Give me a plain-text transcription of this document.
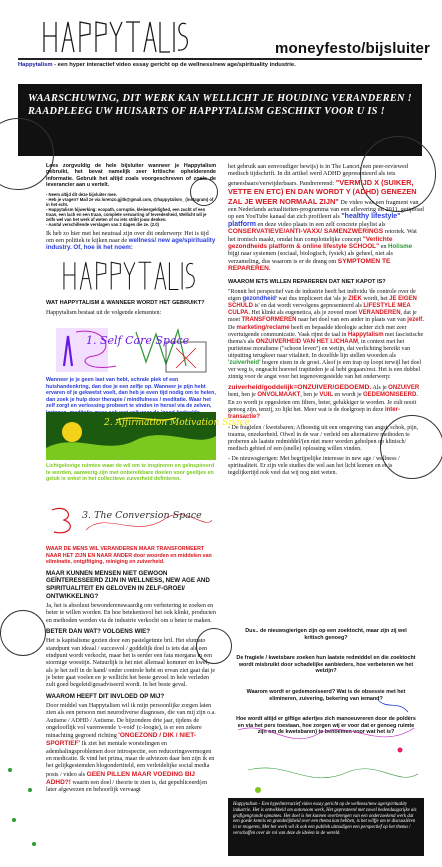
moneyfesto/bijsluiter
Happytalism - een hyper interactief video essay gericht op de wellness/new age/spirituality industrie.

WAARSCHUWING, DIT WERK KAN WELLICHT JE HOUDING VERANDEREN ! RAADPLEEG UW HUISARTS OF HAPPYTALISM GESCHIKT VOOR U IS !

Lees zorgvuldig de hele bijsluiter wanneer je Happytalism gebruikt, het bevat namelijk zeer kritische ophelderende informatie. Gebruik het altijd zoals voorgeschreven of zoals de leverancier aan u vertelt.

- Neem altijd dit deze bijsluiter mee.
- Heb je vragen? Mail ze via lorenzo.gjitk@gmail.com, @happytalism_ (instagram) of in het echt.
- Happytalism bijwerking: ecopath, corruptie, kleinergeldighed, een zucht of een traan, een lach en een traan, complete verwarring of tevredenheid, Wellicht wil je zelfs wel van het werk af weten of nu iets strikt jouw denken.
- Aantal verschillende verslagen van 2 dagen die ze. (2.0)

Ik heb zo hier met het neutraal zijn over dit onderwerp: Het is tijd om een politiek te kijken naar de wellness/ new age/spirituality industry. Of, hoe ik het noem:

WAT HAPPYTALISM & WANNEER WORDT HET GEBRUIKT?

Happytalism bestaat uit de volgende elementen:

1. Self Care Space

Wanneer je je geen last van hebt, schrale plek of een huishandenkring, dan doe je een zelfje op. Wanneer je pijn hebt ervaren of je gekwetst voelt, dan heb je even tijd nodig om te helen, dan zoek je hulp door therapie / mindfulness / meditatie. Waar het zelf zorgt en verlossing probeert te vinden in hersel via de zelven,

2. Affirmation Motivation Space

Lichtgelovige ruimtes waar de wil om te inspireren en geïnspireerd te worden, aanwezig zijn met onbereikbare doelen voor geeltjes en geluk is enkel in het collectieve zuiverheid definieren.

3. The Conversion Space

WAAR DE MENS WIL VERANDEREN MAAR TRANSFORMEERT NAAR HET ZIJN EN NAAR ANDER door woorden en middelen van eliminatie, ontgiftiging, reiniging en zuiverheid.

MAAR KUNNEN MENSEN NIET GEWOON GEÏNTERESSEERD ZIJN IN WELLNESS, NEW AGE AND SPIRITUALITEIT EN GELOVEN IN ZELF-GROEI/ ONTWIKKELING?

Ja, het is absoluut bewonderenswaardig om verbetering te zoeken en beter te willen worden. En hoe betekenisvol het ook klinkt, producten en methoden worden via de industrie verkocht om u beter te maken.

BETER DAN WAT? VOLGENS WIE?

Het is kapitalisme gezien door een pastelgetinte bril. Het sfumato standpunt van ideaal / succesvol / goddelijk doel is iets dat als een eindpunt wordt verkocht, maar het is eerder een fata morgana in een stormige woestijn. Natuurlijk is het niet allemaal kommer en kwel, als je het zelf in de hand/ onder controle hebt en ervan ziet gaat dat je je beter gaat voelen en je wellicht het beste gevoel in hele verleden zult goed begeleid/gesadviseerd wordt. In het beste geval.

WAAROM HEEFT DIT INVLOED OP MIJ?

Door middel van Happytalism wil ik mijn persoonlijke zorgen laten zien als een persoon met neurodiverse diagnoses, die van mij zijn o.a. Autisme / ADHD / Autisme. De bijzondere drie jaar, tijdens de ongelooflijk vol varenwende 'c-void' (c-loogte), is er een zekere minachting gegroeid richting 'ONGEZOND / DIK / NIET-SPORTIEF' Ik ziet het mentale worstelingen en ademhalingsproblemen door introspectie, een reduceringsvermogen en medicatie. Ik vind het prima, maar de adviezen daar hen zijn ik en het gelijkgestemden blogondertiteld, een verleidelijke social media posts / video als GEEN PILLEN MAAR VOEDING BIJ ADHD?! waarin een doel / theorie te zien is, dat gepubliceerd(en later afgewezen en behoorlijk vervaagt

het gebruik aan eenvoudiger bewijs) is in The Lancet, een peer-reviewed medisch tijdschrift. In dit artikel werd ADHD gepresenteerd als iets geneesbaars/verwijderbaars. Pandrererend: "VERMIJD X (SUIKER, VETTE EN ETC) EN DAN WORDT Y (ADHD) GENEZEN ZAL JE WEER NORMAAL ZIJN" De video was een fragment van een Nederlands actualiteiten-programma van een aflevering uit 2011, getipload op een YouTube kanaal dat zich profileert als "healthy lifestyle" platform en deze video plaats in een zelf concrete playlist als CONSERVATIEVE/ANTI-VAXX/ SAMENZWERINGS retoriek. Wat het ironisch maakt, omdat hun complottelijke concept "Verlichte gezondheids platform & online lifestyle SCHOOL" en Holisme bijgt naar systemen (sociaal, biologisch, fysiek) als geheel, niet als verzameling, dus waarom is er de drang om SYMPTOMEN TE REPAREREN.

WAAROM IETS WILLEN REPAREREN DAT NIET KAPOT IS?

"Ronnit het perspectief van de industrie heeft het individu 'de controle over de eigen gezondheid' wat dus impliceert dat 'als je ZIEK wordt, het JE EIGEN SCHULD is' en dat wordt vervolgens gepresenteerd als LIFESTYLE MEA CULPA. Het klinkt als eugenetica, als je zoveel moet VERANDEREN, dat je moet TRANSFORMEREN naar het doel van een ander in plaats van van jezelf. De marketing/reclame heeft en bepaalde ideologie achter zich met zeer overtuigende communicatie. Vaak rijmt de taal in Happytalism met fascistische thema's als ONZUIVERHEID VAN HET LICHAAM, in context met het puriteinse moralisme ("schoon leven") en wetijn, dat verlichting bereikt van uitputting terugkeer naar vitaliteit. In dezelfde lijn stellen woorden als 'zuiverheid' hogere eisen in de groei. Alsof je een trap op loopt terwijl het doel ver weg is, ongeacht hoeveel trapiteden je al hebt gegaan/rest. Het is een dubbel zinnig voor de angst voor het tegenovergestelde van het onderwerp:

zuiverheid/goddelijk=ONZUIVER/GEDOEMD. Als je ONZUIVER bent, ben je ONVOLMAAKT, ben je VUIL en wordt je GEDEMONISEERD. En zo wordt je opgesloten om filters, beter, gelukkiger te worden. Je zult nooit genoeg zijn, tenzij, zo lijkt het. Meer wat is de doelgroep in deze inter-transactie?

- De fragielen / kwetsbaren; Afhoestig uit een omgeving van angst, schok, pijn, trauma, onzekerheid. Ofwel in de war / verleid om alternatieve methoden te proberen als laatste redmiddel/(en niet meer worden geholpen op klinisch/ medisch gebied of een (snelle) oplossing willen vinden.

- De nieuwsgierigen: Met begrijpelijke interesse in new age / wellness / spiritualiteit. Er zijn vele studies die wel aan het licht komen en er is tegelijkertijd ook veel dat wij nog niet weten.

Dus.. de nieuwsgierigen zijn op een zoektocht, maar zijn zij wel kritisch genoeg?

De fragiele / kwetsbare zoeken hun laatste redmiddel en die zoektocht wordt misbruikt door schadelijke aanbieders, hoe verbeteren we het welzijn?

Waarom wordt er gedemoniseerd? Wat is de obsessie met het elimineren, zuivering, bekering van iemand?

Hoe wordt altijd er giftige adertjes zich manoeuvreren door de poldèrs en via het pers toestaan, hoe zorgen wij er voor dat er genoeg ruimte zijn om de kwetsbaren) te benoemen voor wat het is?

Happytalism - Een hypelinteractief video essay gericht op de wellness/new age/spirituality industrie. Het is ontwikkeld om autonoom werk, Het gepresteerd met zowel hedendaagsrijke als grafigengrande opnames. Het doel is het kunnen overbrengen van een onderzoekend werk dat een goede kennis en grondelijkheid over een thema kan hebben, is het wilfje om te discussiëren in te reageren, Met het werk wil ik ook een publiek uitnodigen een perspectief op het thema / verschaffen over de rol van deze de ideëen in de wereld.
